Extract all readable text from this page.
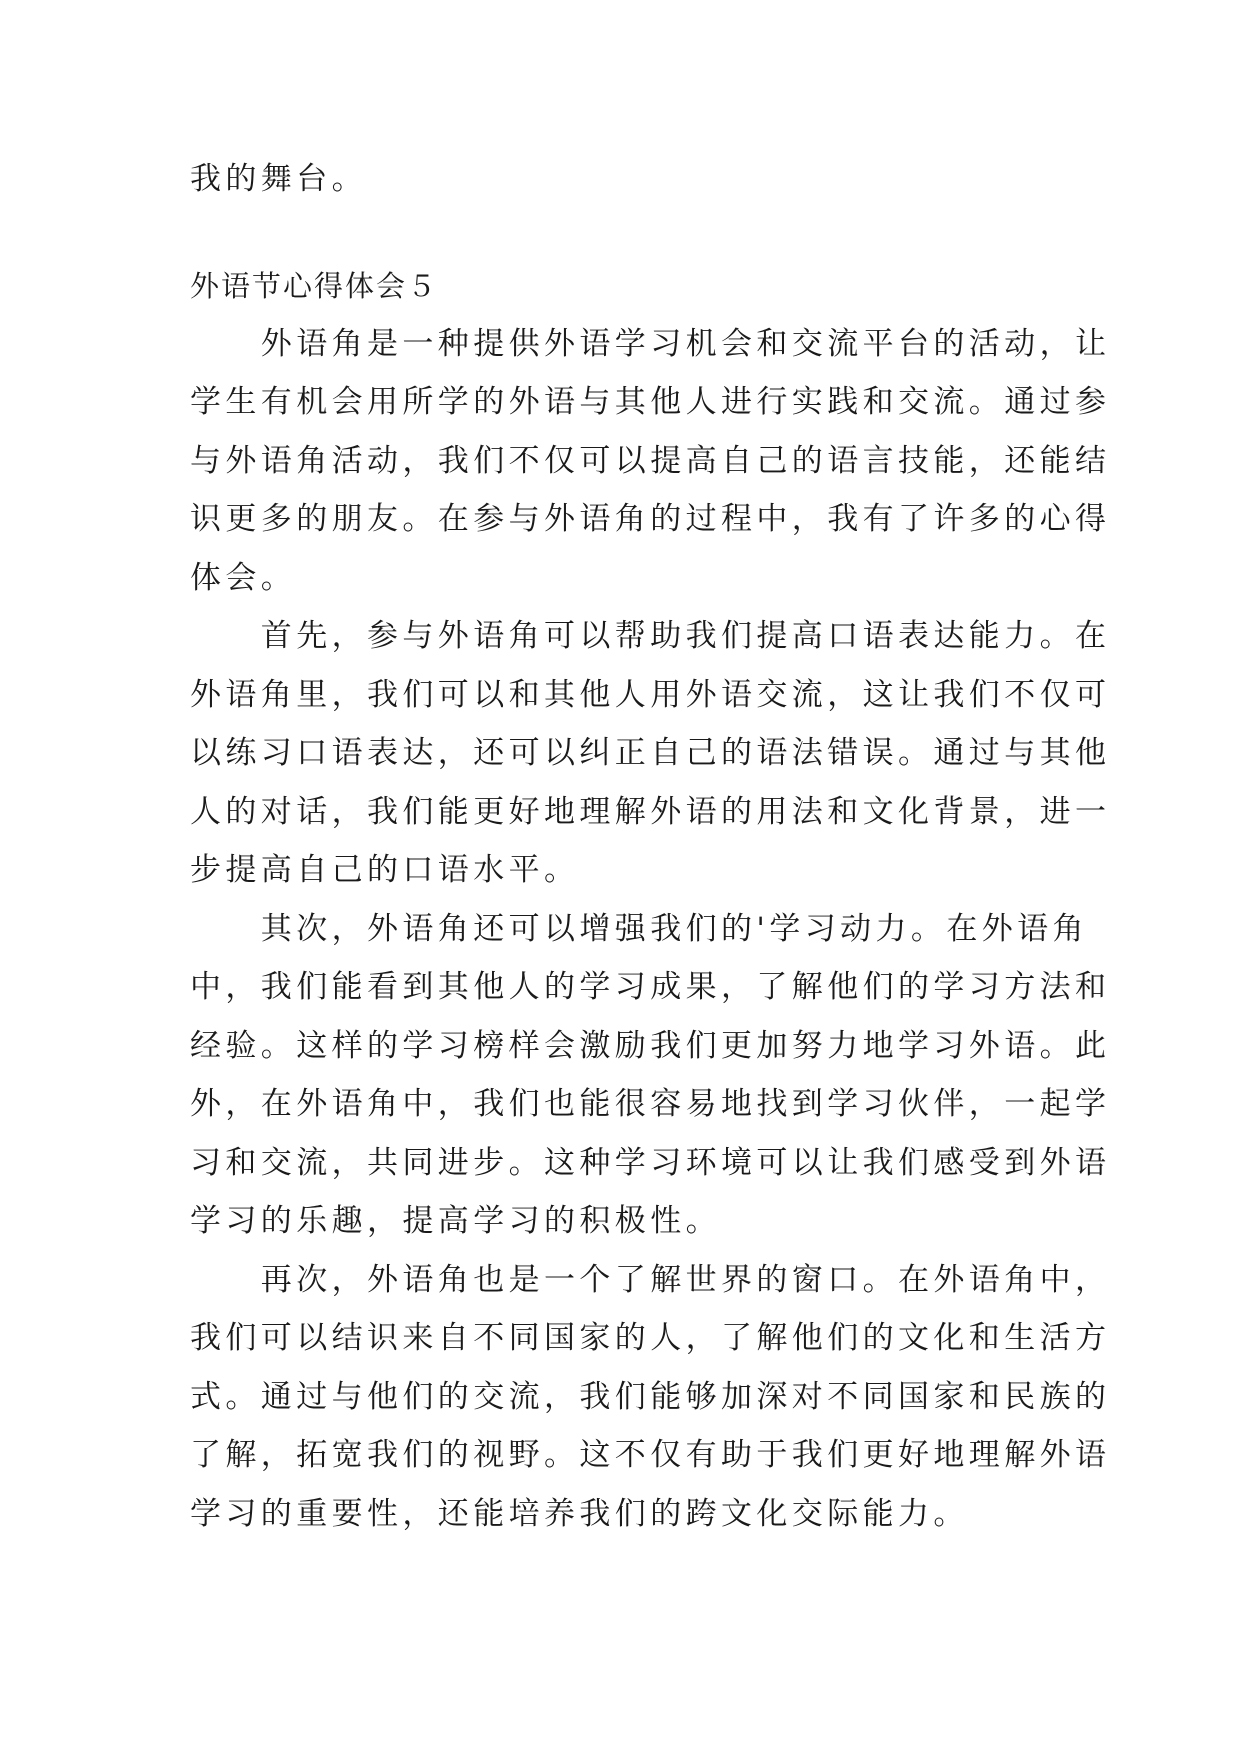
我的舞台。

外语节心得体会５

　　外语角是一种提供外语学习机会和交流平台的活动，让

学生有机会用所学的外语与其他人进行实践和交流。通过参

与外语角活动，我们不仅可以提高自己的语言技能，还能结

识更多的朋友。在参与外语角的过程中，我有了许多的心得

体会。

　　首先，参与外语角可以帮助我们提高口语表达能力。在

外语角里，我们可以和其他人用外语交流，这让我们不仅可

以练习口语表达，还可以纠正自己的语法错误。通过与其他

人的对话，我们能更好地理解外语的用法和文化背景，进一

步提高自己的口语水平。

　　其次，外语角还可以增强我们的'学习动力。在外语角

中，我们能看到其他人的学习成果，了解他们的学习方法和

经验。这样的学习榜样会激励我们更加努力地学习外语。此

外，在外语角中，我们也能很容易地找到学习伙伴，一起学

习和交流，共同进步。这种学习环境可以让我们感受到外语

学习的乐趣，提高学习的积极性。

　　再次，外语角也是一个了解世界的窗口。在外语角中，

我们可以结识来自不同国家的人，了解他们的文化和生活方

式。通过与他们的交流，我们能够加深对不同国家和民族的

了解，拓宽我们的视野。这不仅有助于我们更好地理解外语

学习的重要性，还能培养我们的跨文化交际能力。
